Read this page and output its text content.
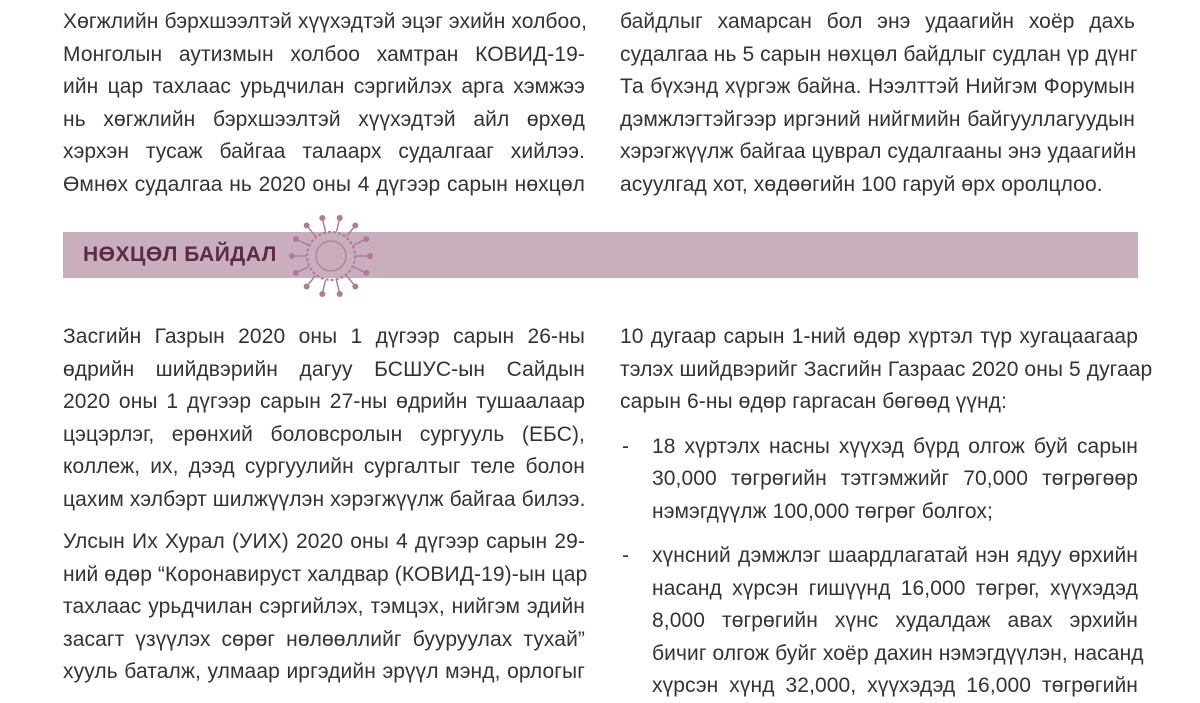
Хөгжлийн бэрхшээлтэй хүүхэдтэй эцэг эхийн холбоо,
Монголын аутизмын холбоо хамтран КОВИД-19-
ийн цар тахлаас урьдчилан сэргийлэх арга хэмжээ
нь хөгжлийн бэрхшээлтэй хүүхэдтэй айл өрхөд
хэрхэн тусаж байгаа талаарх судалгааг хийлээ.
Өмнөх судалгаа нь 2020 оны 4 дүгээр сарын нөхцөл
байдлыг хамарсан бол энэ удаагийн хоёр дахь
судалгаа нь 5 сарын нөхцөл байдлыг судлан үр дүнг
Та бүхэнд хүргэж байна. Нээлттэй Нийгэм Форумын
дэмжлэгтэйгээр иргэний нийгмийн байгууллагуудын
хэрэгжүүлж байгаа цуврал судалгааны энэ удаагийн
асуулгад хот, хөдөөгийн 100 гаруй өрх оролцлоо.
НӨХЦӨЛ БАЙДАЛ

Засгийн Газрын 2020 оны 1 дүгээр сарын 26-ны
өдрийн шийдвэрийн дагуу БСШУС-ын Сайдын
2020 оны 1 дүгээр сарын 27-ны өдрийн тушаалаар
цэцэрлэг, ерөнхий боловсролын сургууль (ЕБС),
коллеж, их, дээд сургуулийн сургалтыг теле болон
цахим хэлбэрт шилжүүлэн хэрэгжүүлж байгаа билээ.

Улсын Их Хурал (УИХ) 2020 оны 4 дүгээр сарын 29-
ний өдөр “Коронавируст халдвар (КОВИД-19)-ын цар
тахлаас урьдчилан сэргийлэх, тэмцэх, нийгэм эдийн
засагт үзүүлэх сөрөг нөлөөллийг бууруулах тухай”
хууль баталж, улмаар иргэдийн эрүүл мэнд, орлогыг

10 дугаар сарын 1-ний өдөр хүртэл түр хугацаагаар
тэлэх шийдвэрийг Засгийн Газраас 2020 оны 5 дугаар
сарын 6-ны өдөр гаргасан бөгөөд үүнд:

- 18 хүртэлх насны хүүхэд бүрд олгож буй сарын
30,000 төгрөгийн тэтгэмжийг 70,000 төгрөгөөр
нэмэгдүүлж 100,000 төгрөг болгох;
- хүнсний дэмжлэг шаардлагатай нэн ядуу өрхийн
насанд хүрсэн гишүүнд 16,000 төгрөг, хүүхэдэд
8,000 төгрөгийн хүнс худалдаж авах эрхийн
бичиг олгож буйг хоёр дахин нэмэгдүүлэн, насанд
хүрсэн хүнд 32,000, хүүхэдэд 16,000 төгрөгийн
